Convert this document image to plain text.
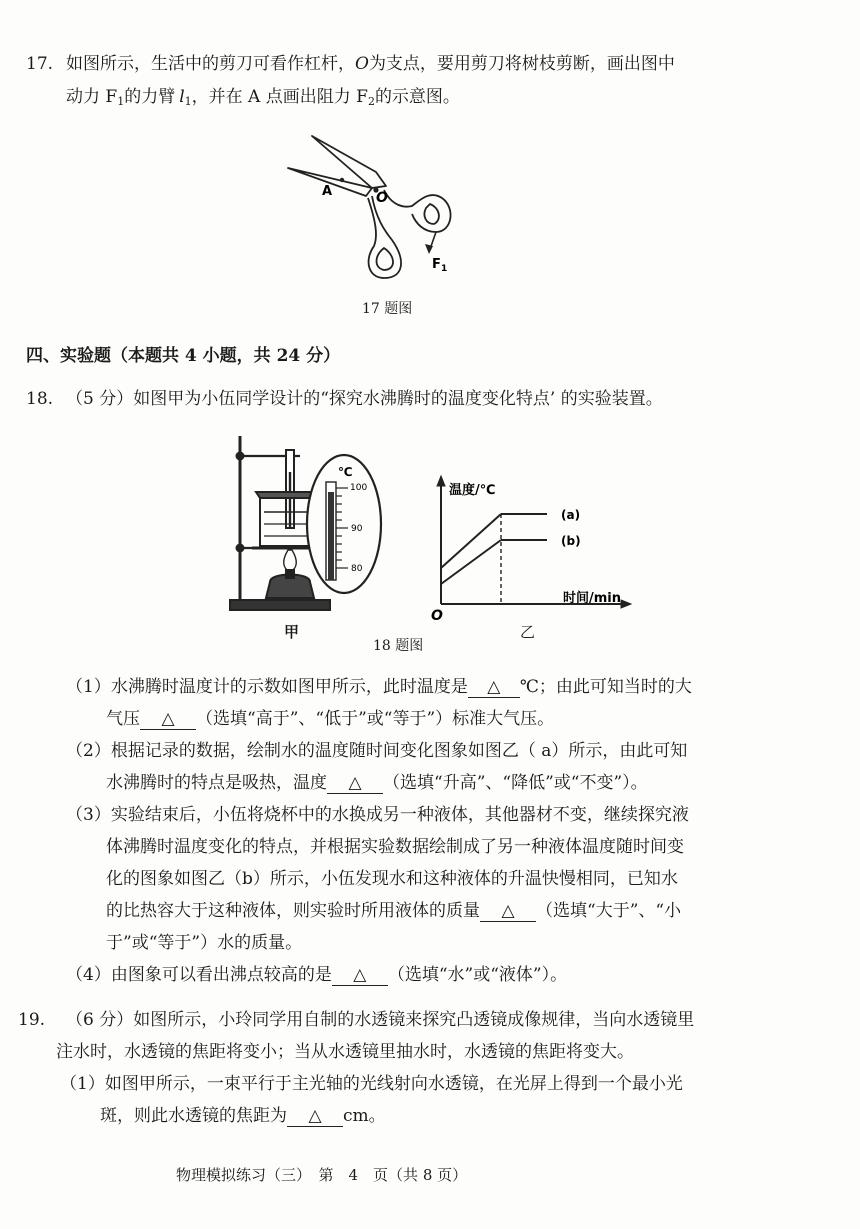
17. 如图所示，生活中的剪刀可看作杠杆，O为支点，要用剪刀将树枝剪断，画出图中
动力 $F_1$的力臂 $l_1$，并在 A 点画出阻力 $F_2$的示意图。
A	O
F 1
17 题图
四、实验题（本题共 4 小题，共 24 分）
18. （5 分）如图甲为小伍同学设计的“探究水沸腾时的温度变化特点’ 的实验装置。
℃
100
90
80
甲
温度/℃
时间/min
O
(a)
(b)
乙
18 题图
（1）水沸腾时温度计的示数如图甲所示，此时温度是 △ ℃；由此可知当时的大
气压 △ （选填“高于”、“低于”或“等于”）标准大气压。
（2）根据记录的数据，绘制水的温度随时间变化图象如图乙（ a）所示，由此可知
水沸腾时的特点是吸热，温度 △ （选填“升高”、“降低”或“不变”）。
（3）实验结束后，小伍将烧杯中的水换成另一种液体，其他器材不变，继续探究液
体沸腾时温度变化的特点，并根据实验数据绘制成了另一种液体温度随时间变
化的图象如图乙（b）所示，小伍发现水和这种液体的升温快慢相同，已知水
的比热容大于这种液体，则实验时所用液体的质量 △ （选填“大于”、“小
于”或“等于”）水的质量。
（4）由图象可以看出沸点较高的是 △ （选填“水”或“液体”）。
19. （6 分）如图所示，小玲同学用自制的水透镜来探究凸透镜成像规律，当向水透镜里
注水时，水透镜的焦距将变小；当从水透镜里抽水时，水透镜的焦距将变大。
（1）如图甲所示，一束平行于主光轴的光线射向水透镜，在光屏上得到一个最小光
斑，则此水透镜的焦距为 △ cm。
物理模拟练习（三）　第　4　页（共 8 页）
